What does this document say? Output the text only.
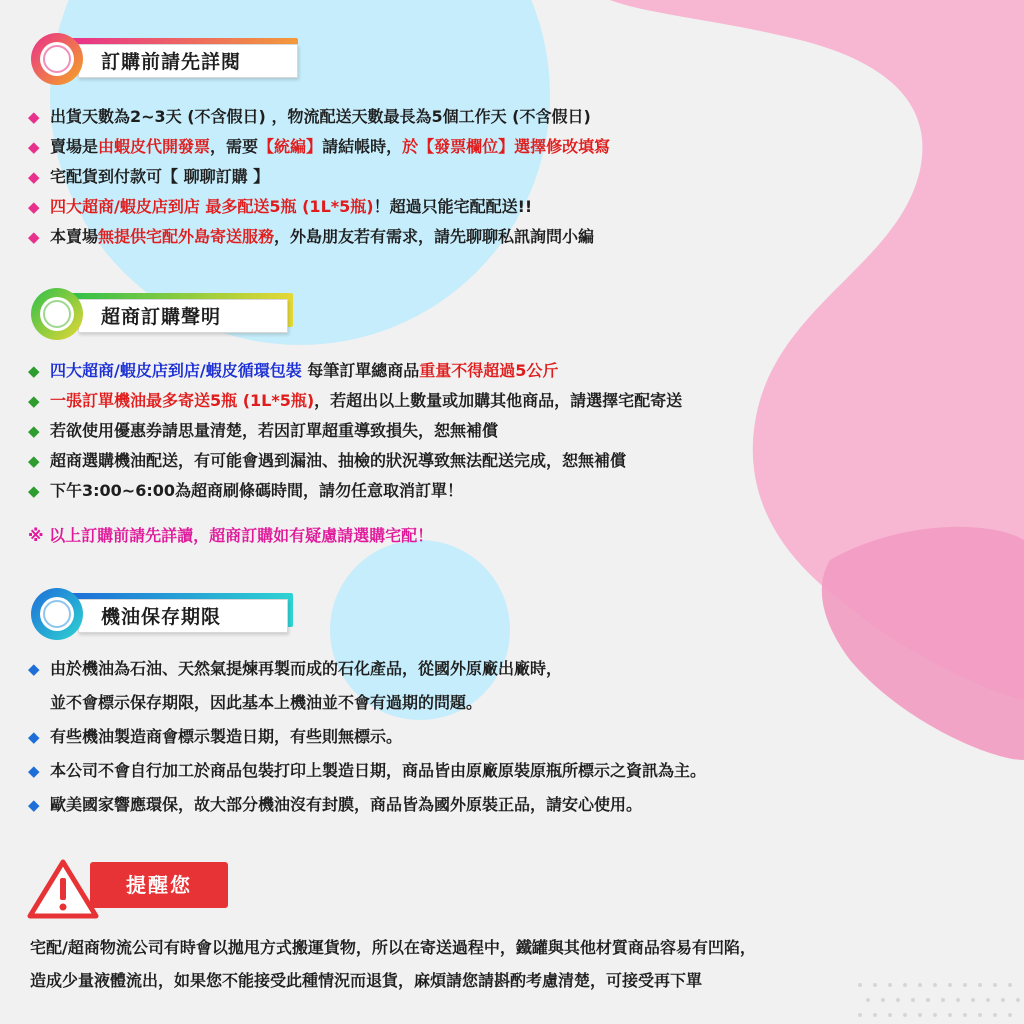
訂購前請先詳閱
◆ 出貨天數為2~3天 (不含假日) ，物流配送天數最長為5個工作天 (不含假日)
◆ 賣場是由蝦皮代開發票，需要【統編】請結帳時，於【發票欄位】選擇修改填寫
◆ 宅配貨到付款可【 聊聊訂購 】
◆ 四大超商/蝦皮店到店 最多配送5瓶 (1L*5瓶)！超過只能宅配配送!!
◆ 本賣場無提供宅配外島寄送服務，外島朋友若有需求，請先聊聊私訊詢問小編
超商訂購聲明
◆ 四大超商/蝦皮店到店/蝦皮循環包裝 每筆訂單總商品重量不得超過5公斤
◆ 一張訂單機油最多寄送5瓶 (1L*5瓶)，若超出以上數量或加購其他商品，請選擇宅配寄送
◆ 若欲使用優惠券請思量清楚，若因訂單超重導致損失，恕無補償
◆ 超商選購機油配送，有可能會遇到漏油、抽檢的狀況導致無法配送完成，恕無補償
◆ 下午3:00~6:00為超商刷條碼時間，請勿任意取消訂單！
※ 以上訂購前請先詳讀，超商訂購如有疑慮請選購宅配！
機油保存期限
◆ 由於機油為石油、天然氣提煉再製而成的石化產品，從國外原廠出廠時，
並不會標示保存期限，因此基本上機油並不會有過期的問題。
◆ 有些機油製造商會標示製造日期，有些則無標示。
◆ 本公司不會自行加工於商品包裝打印上製造日期，商品皆由原廠原裝原瓶所標示之資訊為主。
◆ 歐美國家響應環保，故大部分機油沒有封膜，商品皆為國外原裝正品，請安心使用。
提醒您
宅配/超商物流公司有時會以拋甩方式搬運貨物，所以在寄送過程中，鐵罐與其他材質商品容易有凹陷，
造成少量液體流出，如果您不能接受此種情況而退貨，麻煩請您請斟酌考慮清楚，可接受再下單
